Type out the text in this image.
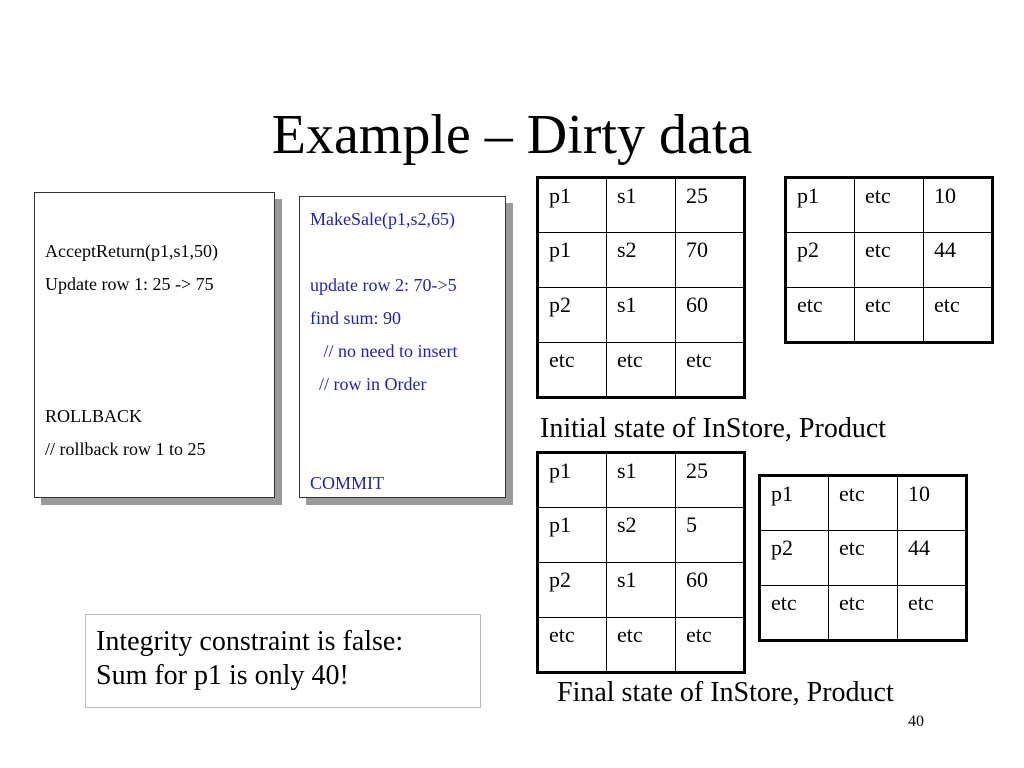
Example – Dirty data
AcceptReturn(p1,s1,50)
Update row 1: 25 -> 75
ROLLBACK
// rollback row 1 to 25
MakeSale(p1,s2,65)
update row 2: 70->5
find sum: 90
// no need to insert
// row in Order
COMMIT
p1	s1	25
p1	s2	70
p2	s1	60
etc	etc	etc
p1	etc	10
p2	etc	44
etc	etc	etc
Initial state of InStore, Product
p1	s1	25
p1	s2	5
p2	s1	60
etc	etc	etc
p1	etc	10
p2	etc	44
etc	etc	etc
Final state of InStore, Product
Integrity constraint is false:
Sum for p1 is only 40!
40
